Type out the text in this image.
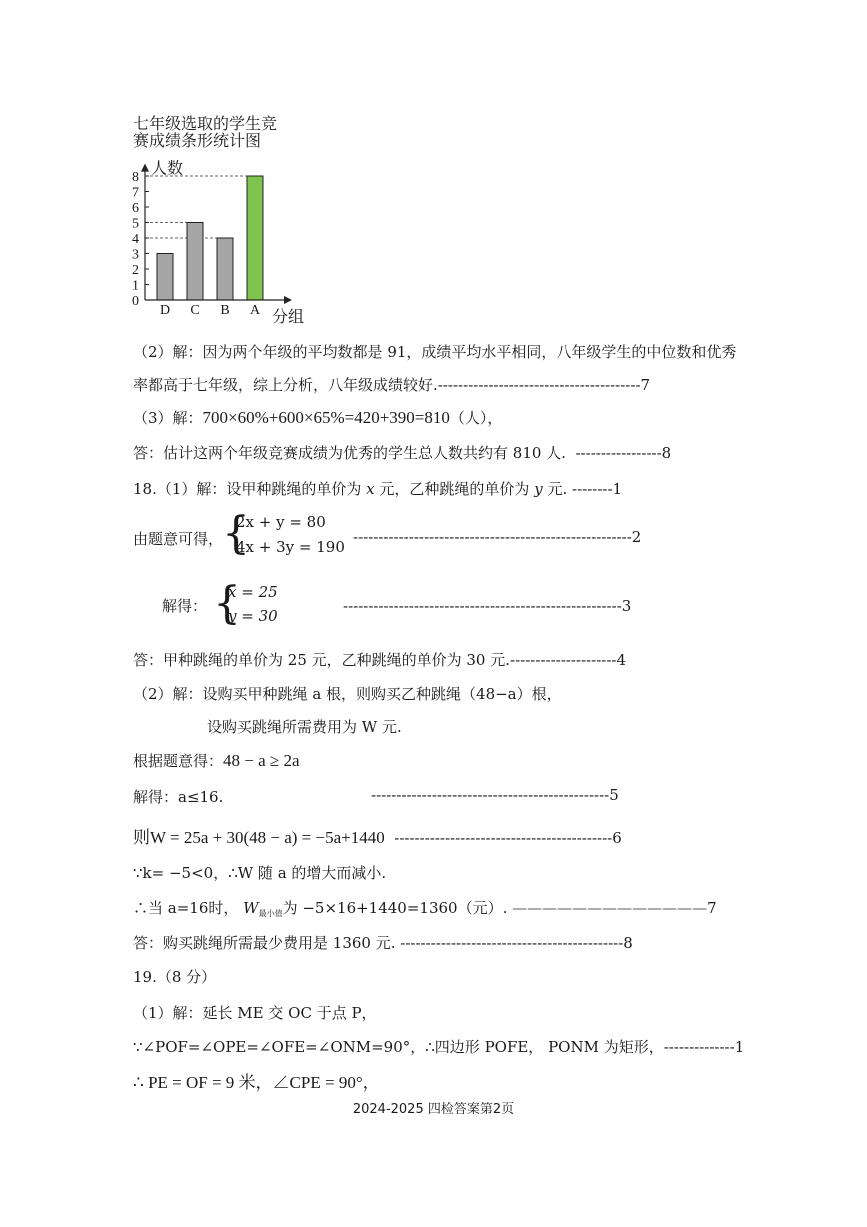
七年级选取的学生竞
赛成绩条形统计图
D C B A
0
1
2
3
4
5
6
7
8 人数
分组
（2）解：因为两个年级的平均数都是 91，成绩平均水平相同，八年级学生的中位数和优秀
率都高于七年级，综上分析，八年级成绩较好.----------------------------------------7
（3）解：700×60%+600×65%=420+390=810（人），
答：估计这两个年级竞赛成绩为优秀的学生总人数共约有 810 人. -----------------8
18.（1）解：设甲种跳绳的单价为 x 元，乙种跳绳的单价为 y 元. --------1
由题意可得，
{
2x + y = 80
4x + 3y = 190
-------------------------------------------------------2
解得： {
x = 25
y = 30
-------------------------------------------------------3
答：甲种跳绳的单价为 25 元，乙种跳绳的单价为 30 元.---------------------4
（2）解：设购买甲种跳绳 a 根，则购买乙种跳绳（48−a）根，
设购买跳绳所需费用为 W 元.
根据题意得：48 − a ≥ 2a
解得：a≤16.	-----------------------------------------------5
则W = 25a + 30(48 − a) = −5a+1440 -------------------------------------------6
∵k= −5<0，∴W 随 a 的增大而减小.
∴当 a=16时， $W_{最小值}$为 −5×16+1440=1360（元）. —————————————7
答：购买跳绳所需最少费用是 1360 元. --------------------------------------------8
19.（8 分）
（1）解：延长 ME 交 OC 于点 P，
∵∠POF=∠OPE=∠OFE=∠ONM=90°，∴四边形 POFE， PONM 为矩形，--------------1
∴ PE = OF = 9 米，∠CPE = 90°，
2024-2025 四检答案第2页
